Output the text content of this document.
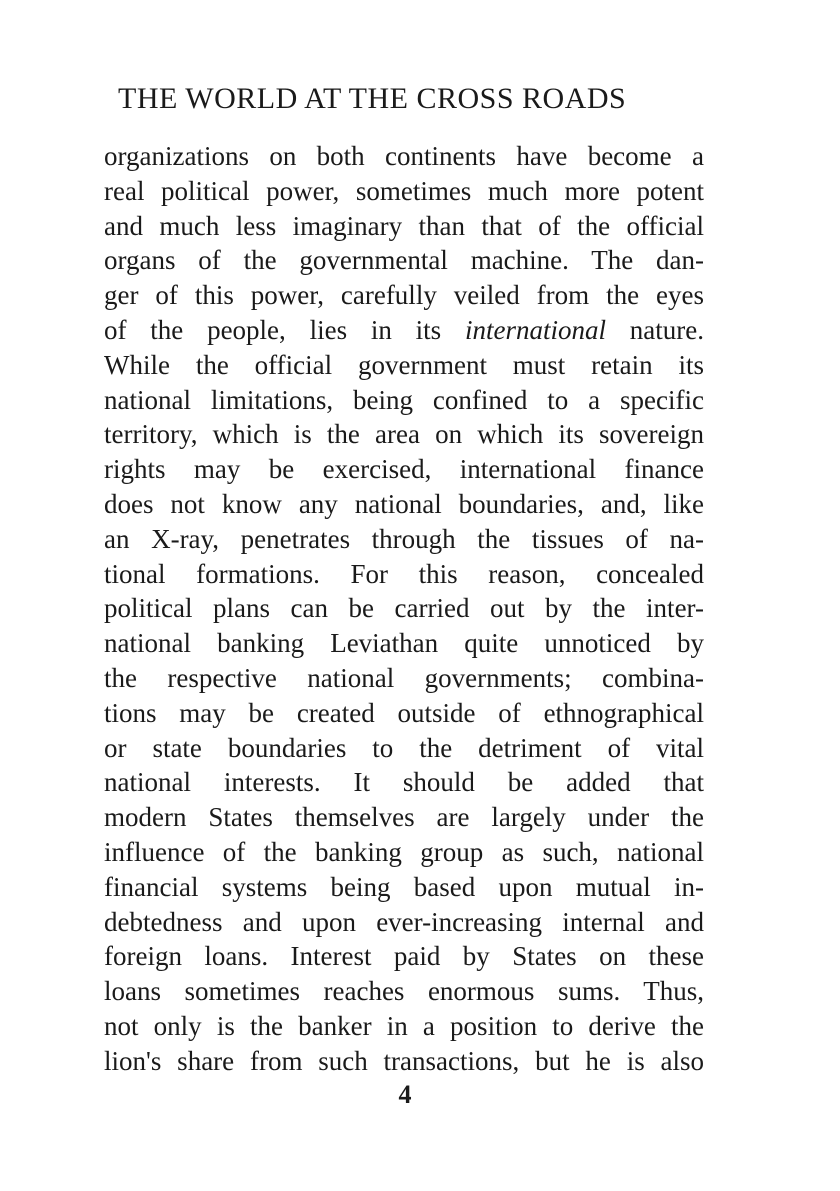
THE WORLD AT THE CROSS ROADS
organizations on both continents have become a
real political power, sometimes much more potent
and much less imaginary than that of the official
organs of the governmental machine. The dan-
ger of this power, carefully veiled from the eyes
of the people, lies in its international nature.
While the official government must retain its
national limitations, being confined to a specific
territory, which is the area on which its sovereign
rights may be exercised, international finance
does not know any national boundaries, and, like
an X-ray, penetrates through the tissues of na-
tional formations. For this reason, concealed
political plans can be carried out by the inter-
national banking Leviathan quite unnoticed by
the respective national governments; combina-
tions may be created outside of ethnographical
or state boundaries to the detriment of vital
national interests. It should be added that
modern States themselves are largely under the
influence of the banking group as such, national
financial systems being based upon mutual in-
debtedness and upon ever-increasing internal and
foreign loans. Interest paid by States on these
loans sometimes reaches enormous sums. Thus,
not only is the banker in a position to derive the
lion's share from such transactions, but he is also
4
